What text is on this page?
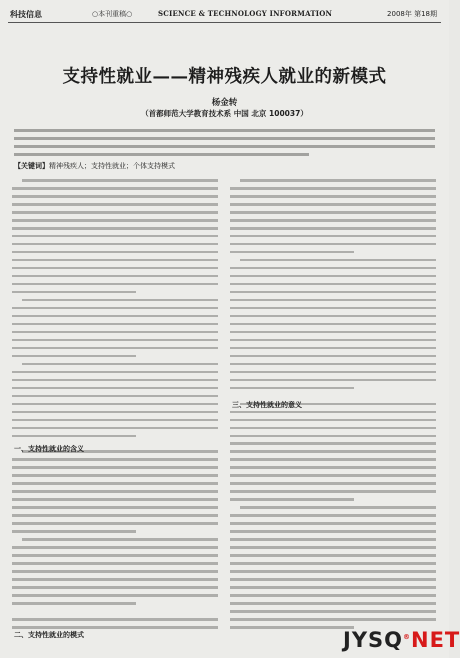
科技信息	○本刊重稿○	SCIENCE & TECHNOLOGY INFORMATION	2008年 第18期
支持性就业——精神残疾人就业的新模式
杨金转
（首都师范大学教育技术系 中国 北京 100037）
【关键词】精神残疾人；支持性就业；个体支持模式
一、支持性就业的含义
二、支持性就业的模式
三、支持性就业的意义
JYSQ®NET
